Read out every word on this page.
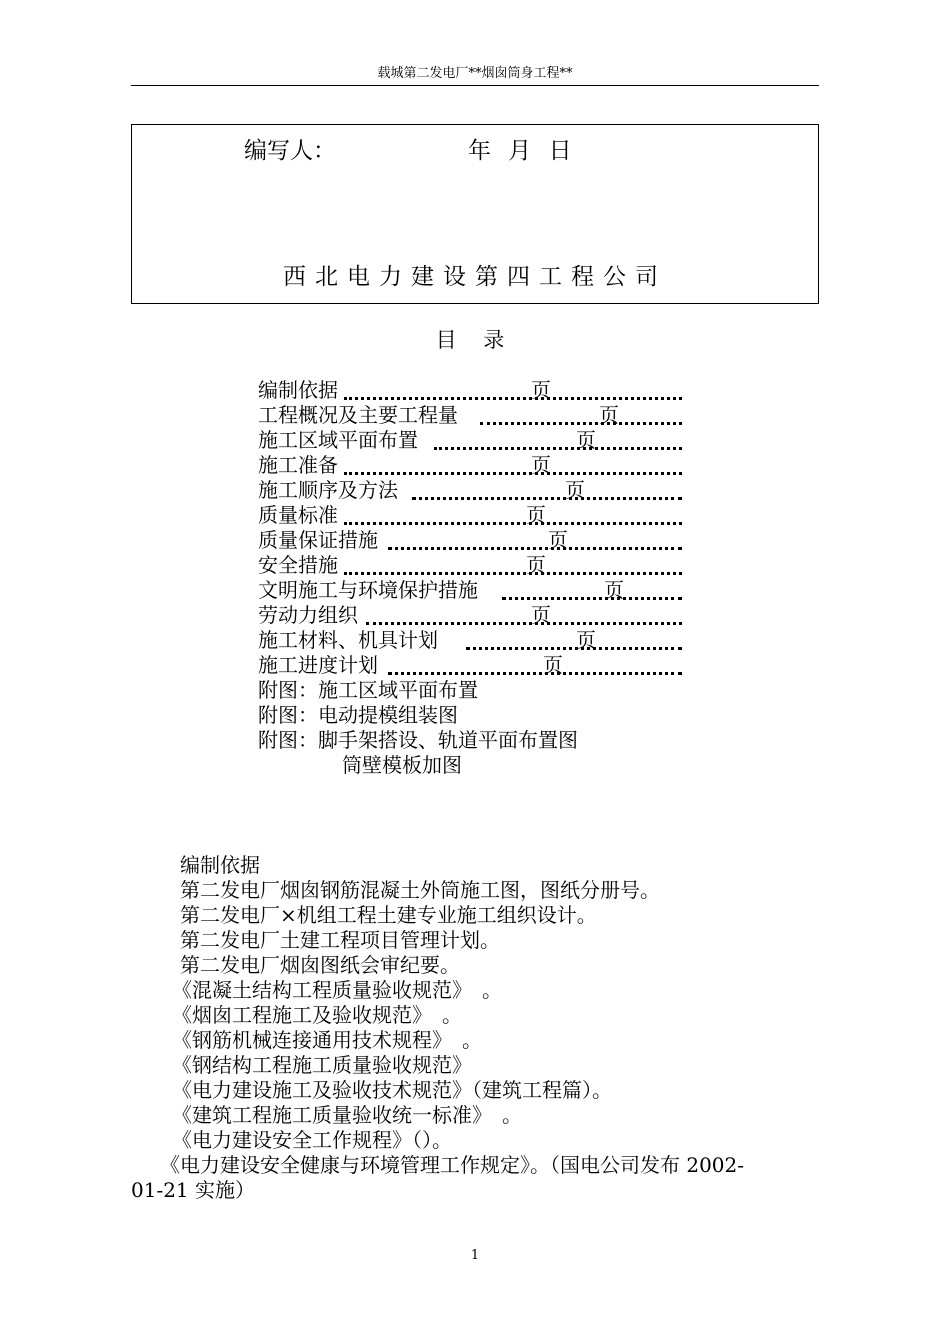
载城第二发电厂**烟囱筒身工程**
编写人：	年 月 日
西北电力建设第四工程公司
目 录
编制依据	页
工程概况及主要工程量	页
施工区域平面布置	页
施工准备	页
施工顺序及方法	页
质量标准	页
质量保证措施	页
安全措施	页
文明施工与环境保护措施	页
劳动力组织	页
施工材料、机具计划	页
施工进度计划	页
附图：施工区域平面布置
附图：电动提模组装图
附图：脚手架搭设、轨道平面布置图
筒壁模板加图
编制依据
第二发电厂烟囱钢筋混凝土外筒施工图，图纸分册号。
第二发电厂×机组工程土建专业施工组织设计。
第二发电厂土建工程项目管理计划。
第二发电厂烟囱图纸会审纪要。
《混凝土结构工程质量验收规范》　。
《烟囱工程施工及验收规范》　。
《钢筋机械连接通用技术规程》　。
《钢结构工程施工质量验收规范》
《电力建设施工及验收技术规范》（建筑工程篇）。
《建筑工程施工质量验收统一标准》　。
《电力建设安全工作规程》（）。
《电力建设安全健康与环境管理工作规定》。（国电公司发布 2002-
01-21 实施）
1
